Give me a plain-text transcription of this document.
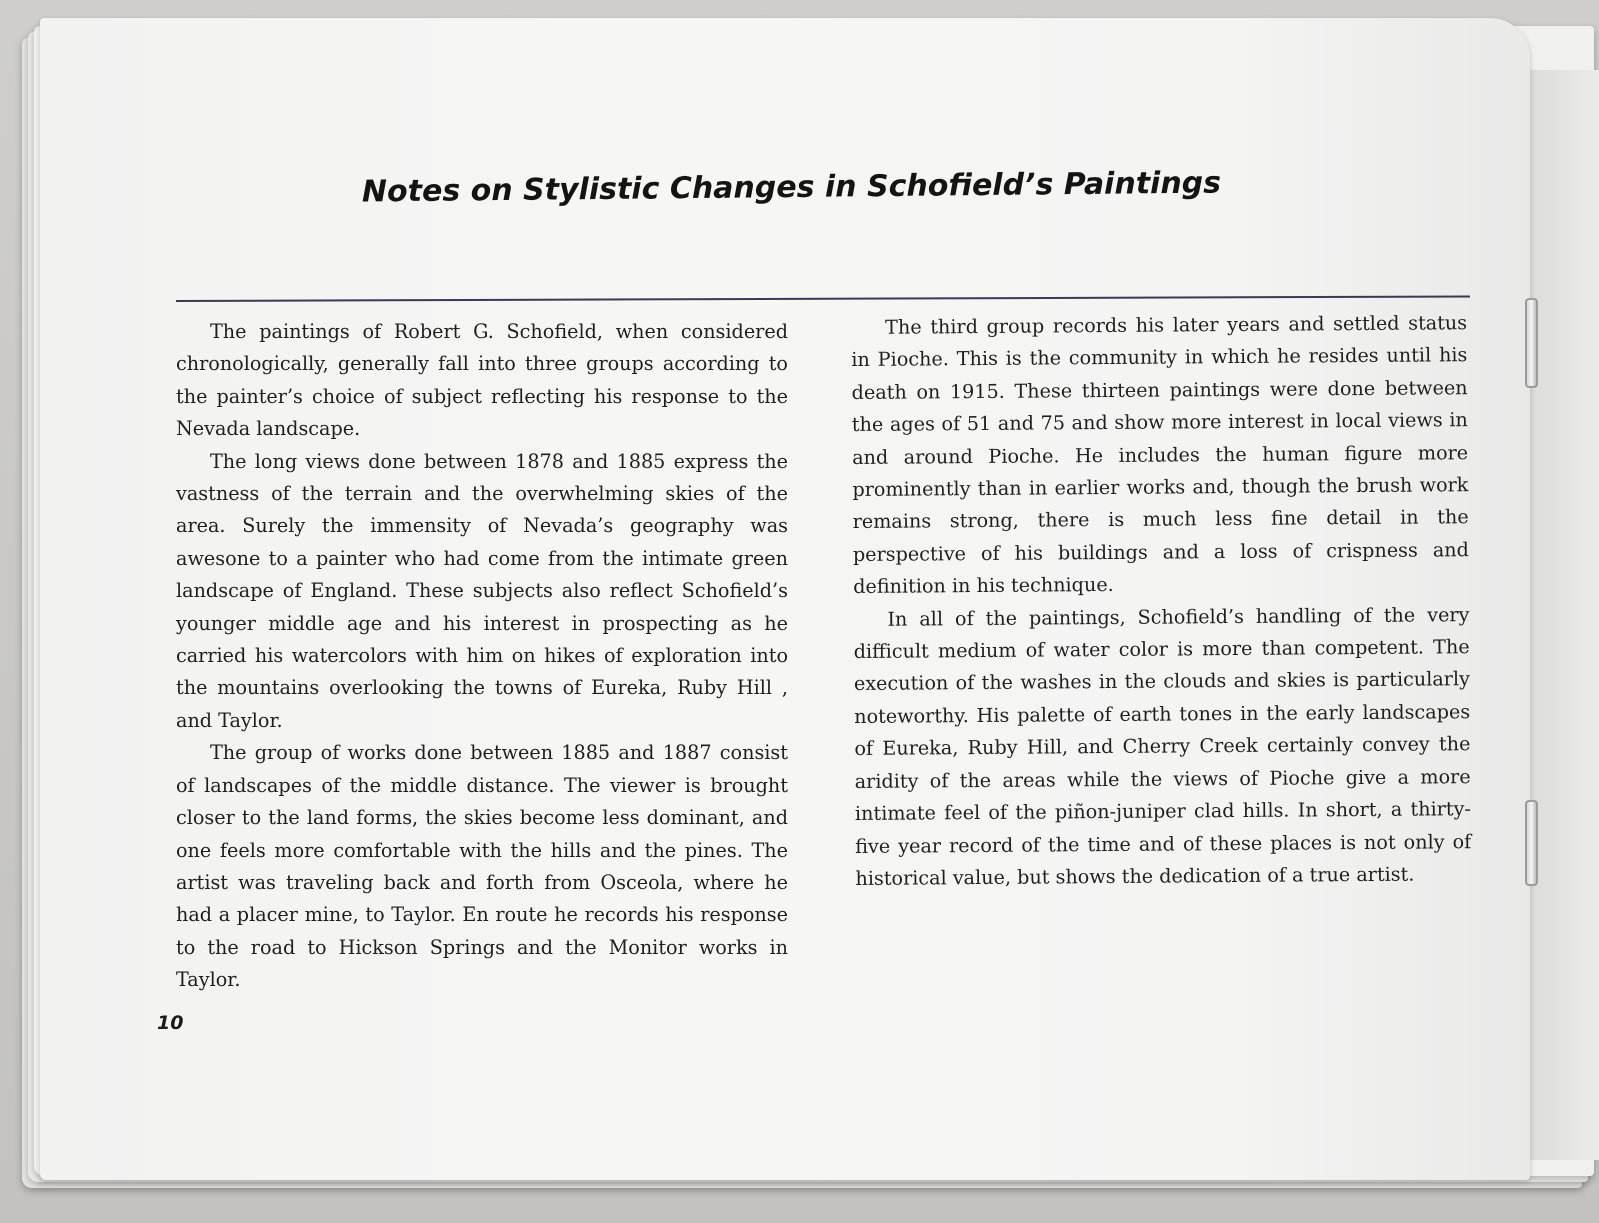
Notes on Stylistic Changes in Schofield’s Paintings

The paintings of Robert G. Schofield, when considered chronologically, generally fall into three groups according to the painter’s choice of subject reflecting his response to the Nevada landscape.

The long views done between 1878 and 1885 express the vastness of the terrain and the overwhelming skies of the area. Surely the immensity of Nevada’s geography was awesone to a painter who had come from the intimate green landscape of England. These subjects also reflect Schofield’s younger middle age and his interest in prospecting as he carried his watercolors with him on hikes of exploration into the mountains overlooking the towns of Eureka, Ruby Hill , and Taylor.

The group of works done between 1885 and 1887 consist of landscapes of the middle distance. The viewer is brought closer to the land forms, the skies become less dominant, and one feels more comfortable with the hills and the pines. The artist was traveling back and forth from Osceola, where he had a placer mine, to Taylor. En route he records his response to the road to Hickson Springs and the Monitor works in Taylor.

The third group records his later years and settled status in Pioche. This is the community in which he resides until his death on 1915. These thirteen paintings were done between the ages of 51 and 75 and show more interest in local views in and around Pioche. He includes the human figure more prominently than in earlier works and, though the brush work remains strong, there is much less fine detail in the perspective of his buildings and a loss of crispness and definition in his technique.

In all of the paintings, Schofield’s handling of the very difficult medium of water color is more than competent. The execution of the washes in the clouds and skies is particularly noteworthy. His palette of earth tones in the early landscapes of Eureka, Ruby Hill, and Cherry Creek certainly convey the aridity of the areas while the views of Pioche give a more intimate feel of the piñon-juniper clad hills. In short, a thirty-five year record of the time and of these places is not only of historical value, but shows the dedication of a true artist.

10
